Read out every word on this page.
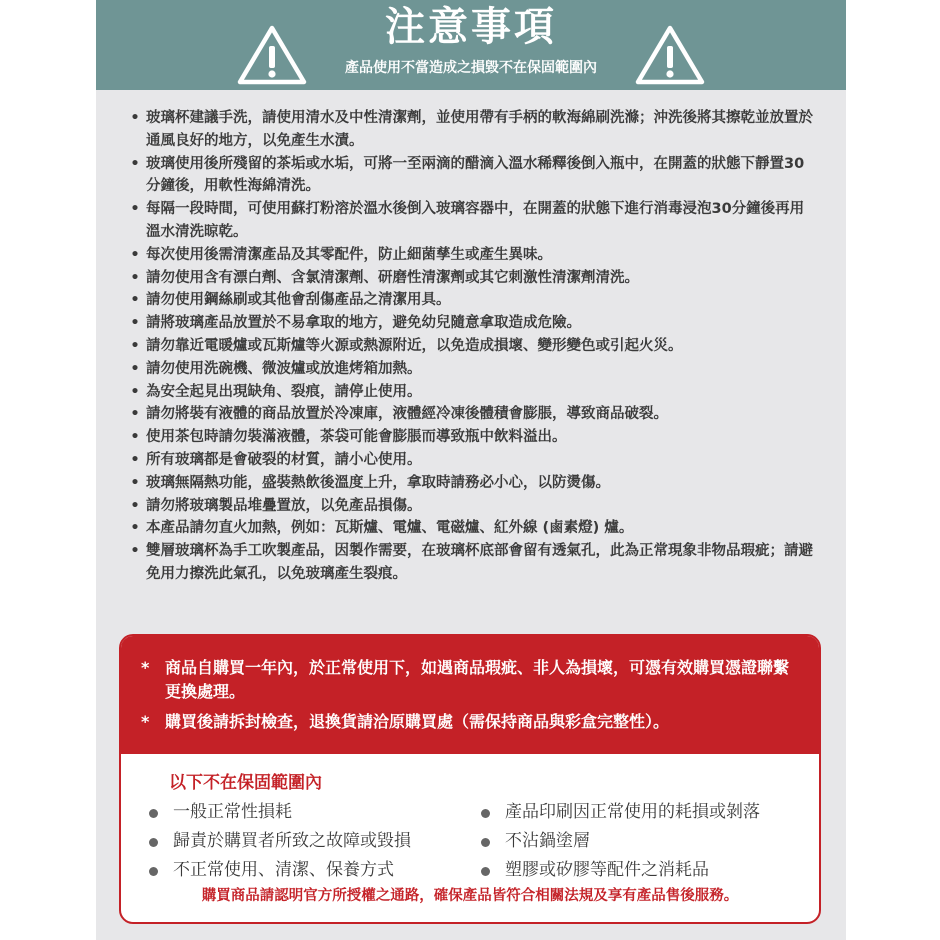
注意事項
產品使用不當造成之損毀不在保固範圍內
• 玻璃杯建議手洗，請使用清水及中性清潔劑，並使用帶有手柄的軟海綿刷洗滌；沖洗後將其擦乾並放置於通風良好的地方，以免產生水漬。
• 玻璃使用後所殘留的茶垢或水垢，可將一至兩滴的醋滴入溫水稀釋後倒入瓶中，在開蓋的狀態下靜置30分鐘後，用軟性海綿清洗。
• 每隔一段時間，可使用蘇打粉溶於溫水後倒入玻璃容器中，在開蓋的狀態下進行消毒浸泡30分鐘後再用溫水清洗晾乾。
• 每次使用後需清潔產品及其零配件，防止細菌孳生或產生異味。
• 請勿使用含有漂白劑、含氯清潔劑、研磨性清潔劑或其它刺激性清潔劑清洗。
• 請勿使用鋼絲刷或其他會刮傷產品之清潔用具。
• 請將玻璃產品放置於不易拿取的地方，避免幼兒隨意拿取造成危險。
• 請勿靠近電暖爐或瓦斯爐等火源或熱源附近，以免造成損壞、變形變色或引起火災。
• 請勿使用洗碗機、微波爐或放進烤箱加熱。
• 為安全起見出現缺角、裂痕，請停止使用。
• 請勿將裝有液體的商品放置於冷凍庫，液體經冷凍後體積會膨脹，導致商品破裂。
• 使用茶包時請勿裝滿液體，茶袋可能會膨脹而導致瓶中飲料溢出。
• 所有玻璃都是會破裂的材質，請小心使用。
• 玻璃無隔熱功能，盛裝熱飲後溫度上升，拿取時請務必小心，以防燙傷。
• 請勿將玻璃製品堆疊置放，以免產品損傷。
• 本產品請勿直火加熱，例如：瓦斯爐、電爐、電磁爐、紅外線 (鹵素燈) 爐。
• 雙層玻璃杯為手工吹製產品，因製作需要，在玻璃杯底部會留有透氣孔，此為正常現象非物品瑕疵；請避免用力擦洗此氣孔，以免玻璃產生裂痕。
* 商品自購買一年內，於正常使用下，如遇商品瑕疵、非人為損壞，可憑有效購買憑證聯繫更換處理。
* 購買後請拆封檢查，退換貨請洽原購買處（需保持商品與彩盒完整性）。
以下不在保固範圍內
一般正常性損耗
歸責於購買者所致之故障或毀損
不正常使用、清潔、保養方式
產品印刷因正常使用的耗損或剝落
不沾鍋塗層
塑膠或矽膠等配件之消耗品
購買商品請認明官方所授權之通路，確保產品皆符合相關法規及享有產品售後服務。
